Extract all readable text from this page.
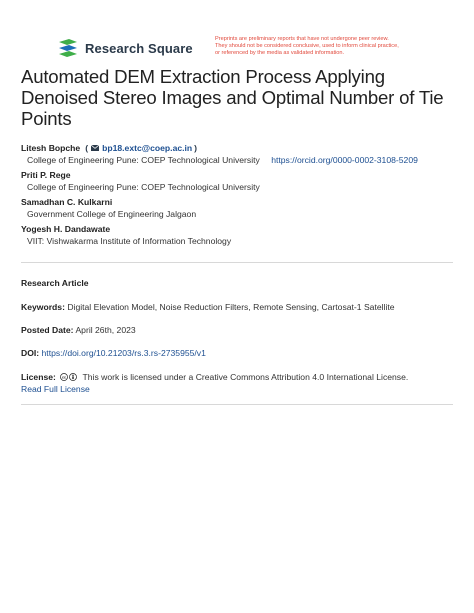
Research Square
Preprints are preliminary reports that have not undergone peer review.
They should not be considered conclusive, used to inform clinical practice,
or referenced by the media as validated information.
Automated DEM Extraction Process Applying Denoised Stereo Images and Optimal Number of Tie Points
Litesh Bopche ( bp18.extc@coep.ac.in )
College of Engineering Pune: COEP Technological University https://orcid.org/0000-0002-3108-5209
Priti P. Rege
College of Engineering Pune: COEP Technological University
Samadhan C. Kulkarni
Government College of Engineering Jalgaon
Yogesh H. Dandawate
VIIT: Vishwakarma Institute of Information Technology
Research Article
Keywords: Digital Elevation Model, Noise Reduction Filters, Remote Sensing, Cartosat-1 Satellite
Posted Date: April 26th, 2023
DOI: https://doi.org/10.21203/rs.3.rs-2735955/v1
License: cc This work is licensed under a Creative Commons Attribution 4.0 International License.
Read Full License
